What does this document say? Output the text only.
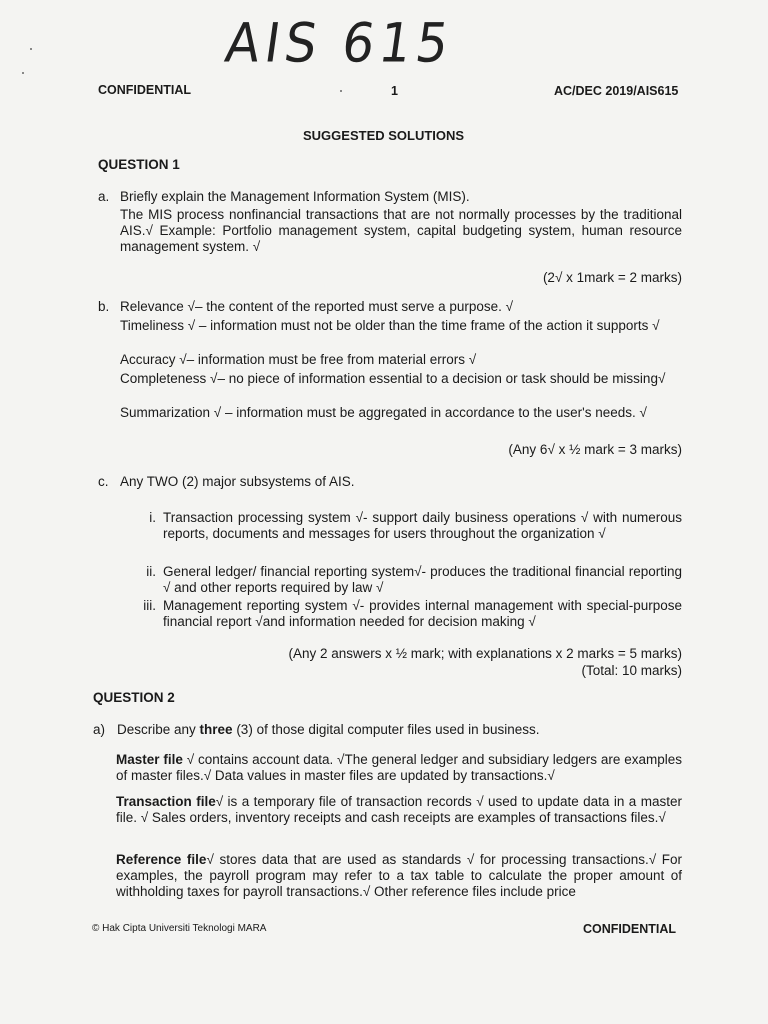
AIS 615
CONFIDENTIAL	1	AC/DEC 2019/AIS615
SUGGESTED SOLUTIONS
QUESTION 1
a. Briefly explain the Management Information System (MIS).
The MIS process nonfinancial transactions that are not normally processes by the traditional AIS.√ Example: Portfolio management system, capital budgeting system, human resource management system. √
(2√ x 1mark = 2 marks)
b. Relevance √– the content of the reported must serve a purpose. √
Timeliness √ – information must not be older than the time frame of the action it supports √
Accuracy √– information must be free from material errors √
Completeness √– no piece of information essential to a decision or task should be missing√
Summarization √ – information must be aggregated in accordance to the user's needs. √
(Any 6√ x ½ mark = 3 marks)
c. Any TWO (2) major subsystems of AIS.
i. Transaction processing system √- support daily business operations √ with numerous reports, documents and messages for users throughout the organization √
ii. General ledger/ financial reporting system√- produces the traditional financial reporting √ and other reports required by law √
iii. Management reporting system √- provides internal management with special-purpose financial report √and information needed for decision making √
(Any 2 answers x ½ mark; with explanations x 2 marks = 5 marks)
(Total: 10 marks)
QUESTION 2
a) Describe any three (3) of those digital computer files used in business.
Master file √ contains account data. √The general ledger and subsidiary ledgers are examples of master files.√ Data values in master files are updated by transactions.√
Transaction file√ is a temporary file of transaction records √ used to update data in a master file. √ Sales orders, inventory receipts and cash receipts are examples of transactions files.√
Reference file√ stores data that are used as standards √ for processing transactions.√ For examples, the payroll program may refer to a tax table to calculate the proper amount of withholding taxes for payroll transactions.√ Other reference files include price
© Hak Cipta Universiti Teknologi MARA	CONFIDENTIAL
